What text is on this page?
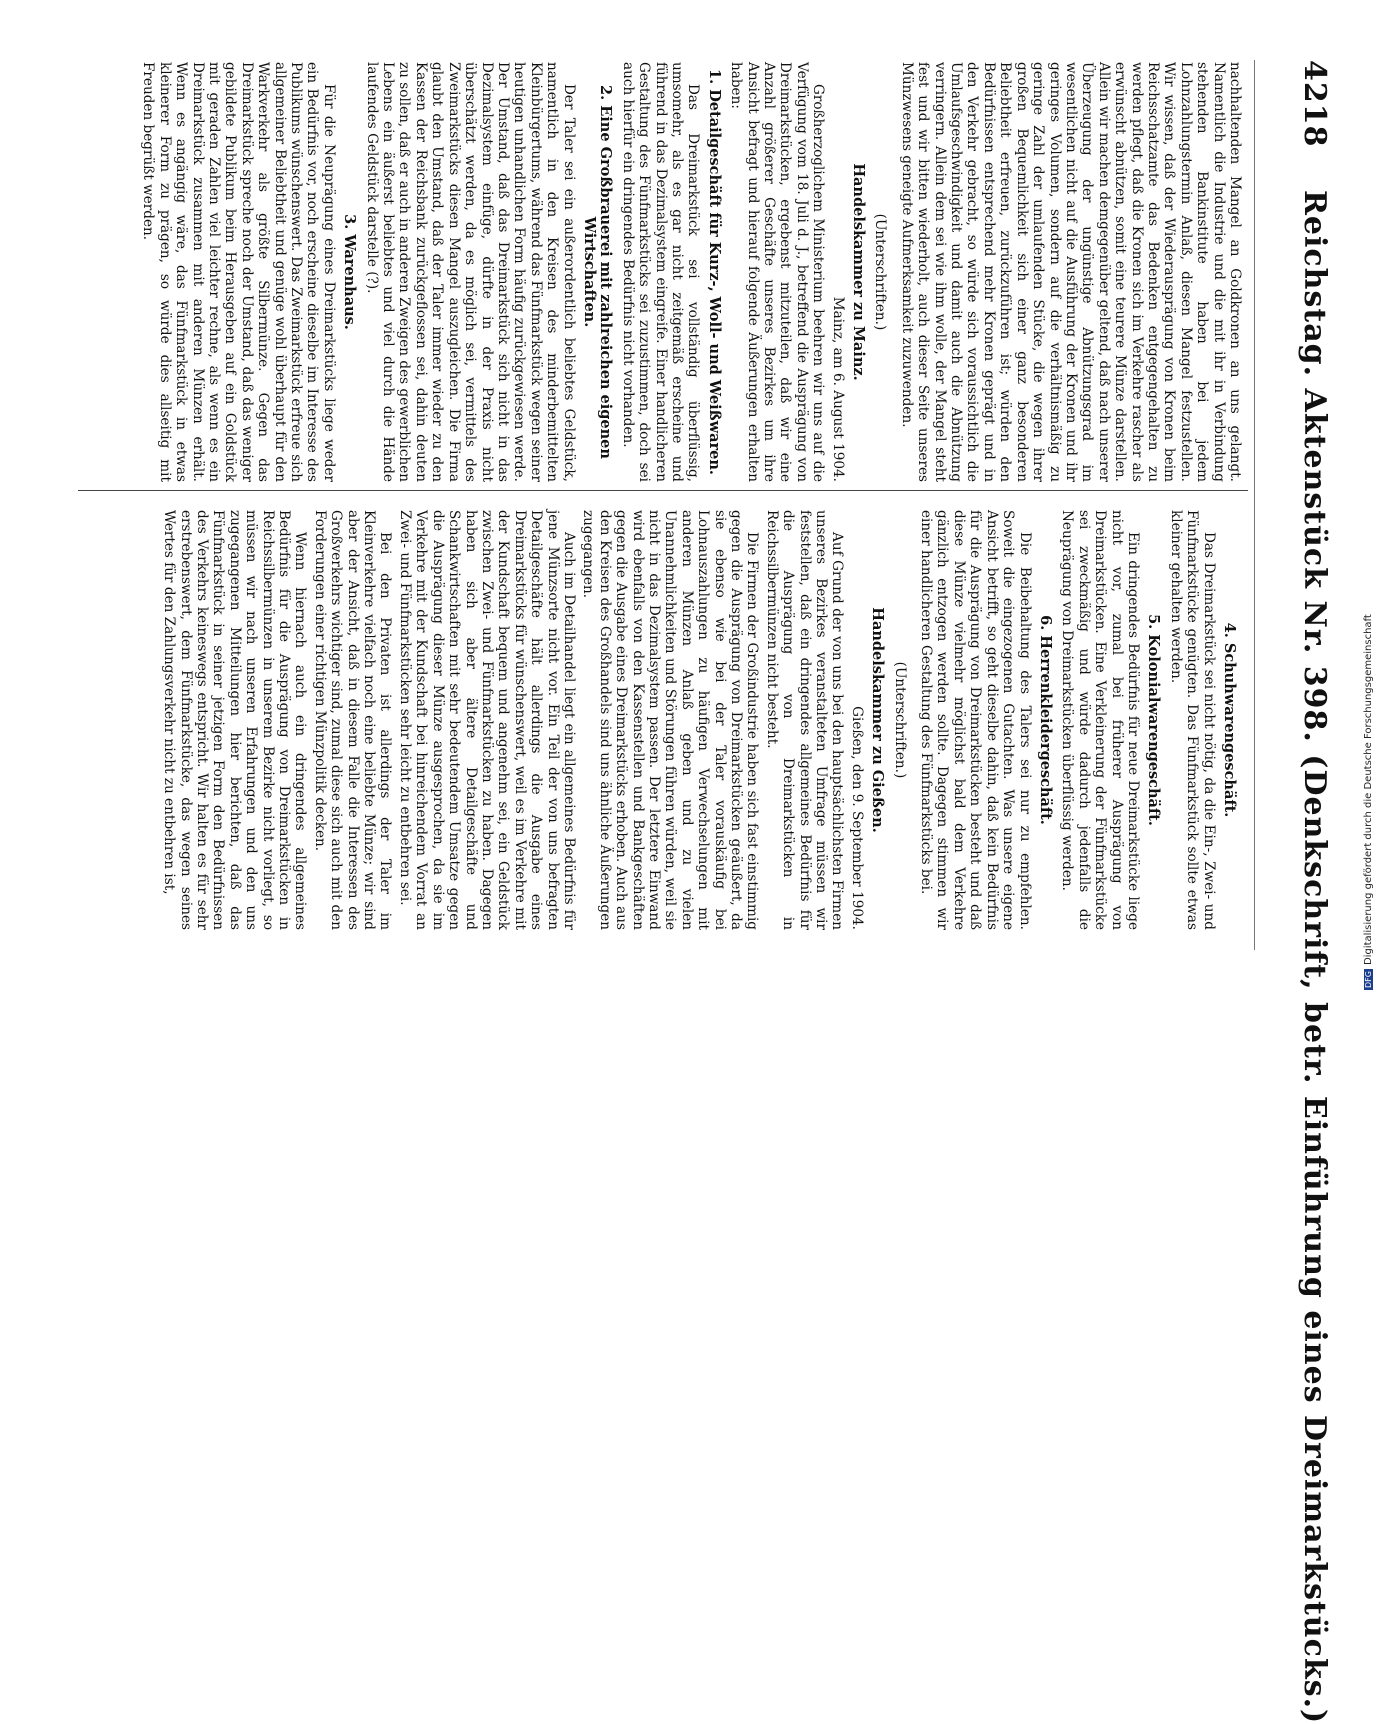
4218
Reichstag. Aktenstück Nr. 398. (Denkschrift, betr. Einführung eines Dreimarkstücks.)

nachhaltenden Mangel an Goldkronen an uns gelangt. Namentlich die Industrie und die mit ihr in Verbindung stehenden Bankinstitute haben bei jedem Lohnzahlungstermin Anlaß, diesen Mangel festzustellen. Wir wissen, daß der Wiederausprägung von Kronen beim Reichsschatzamte das Bedenken entgegengehalten zu werden pflegt, daß die Kronen sich im Verkehre rascher als erwünscht abnützen, somit eine teurere Münze darstellen. Allein wir machen demgegenüber geltend, daß nach unserer Überzeugung der ungünstige Abnützungsgrad im wesentlichen nicht auf die Ausführung der Kronen und ihr geringes Volumen, sondern auf die verhältnismäßig zu geringe Zahl der umlaufenden Stücke, die wegen ihrer großen Bequemlichkeit sich einer ganz besonderen Beliebtheit erfreuen, zurückzuführen ist; würden den Bedürfnissen entsprechend mehr Kronen geprägt und in den Verkehr gebracht, so würde sich voraussichtlich die Umlaufsgeschwindigkeit und damit auch die Abnützung verringern. Allein dem sei wie ihm wolle, der Mangel steht fest und wir bitten wiederholt, auch dieser Seite unseres Münzwesens geneigte Aufmerksamkeit zuzuwenden.

(Unterschriften.)

Handelskammer zu Mainz.

Mainz, am 6. August 1904.

Großherzoglichem Ministerium beehren wir uns auf die Verfügung vom 18. Juli d. J., betreffend die Ausprägung von Dreimarkstücken, ergebenst mitzuteilen, daß wir eine Anzahl größerer Geschäfte unseres Bezirkes um ihre Ansicht befragt und hierauf folgende Äußerungen erhalten haben:

1. Detailgeschäft für Kurz-, Woll- und Weißwaren.

Das Dreimarkstück sei vollständig überflüssig, umsomehr, als es gar nicht zeitgemäß erscheine und führend in das Dezimalsystem eingreife. Einer handlicheren Gestaltung des Fünfmarkstücks sei zuzustimmen, doch sei auch hierfür ein dringendes Bedürfnis nicht vorhanden.

2. Eine Großbrauerei mit zahlreichen eigenen Wirtschaften.

Der Taler sei ein außerordentlich beliebtes Geldstück, namentlich in den Kreisen des minderbemittelten Kleinbürgertums, während das Fünfmarkstück wegen seiner heutigen unhandlichen Form häufig zurückgewiesen werde. Der Umstand, daß das Dreimarkstück sich nicht in das Dezimalsystem einfüge, dürfte in der Praxis nicht überschätzt werden, da es möglich sei, vermittels des Zweimarkstücks diesen Mangel auszugleichen. Die Firma glaubt den Umstand, daß der Taler immer wieder zu den Kassen der Reichsbank zurückgeflossen sei, dahin deuten zu sollen, daß er auch in anderen Zweigen des gewerblichen Lebens ein äußerst beliebtes und viel durch die Hände laufendes Geldstück darstelle (?).

3. Warenhaus.

Für die Neuprägung eines Dreimarkstücks liege weder ein Bedürfnis vor, noch erscheine dieselbe im Interesse des Publikums wünschenswert. Das Zweimarkstück erfreue sich allgemeiner Beliebtheit und genüge wohl überhaupt für den Warkverkehr als größte Silbermünze. Gegen das Dreimarkstück spreche noch der Umstand, daß das weniger gebildete Publikum beim Herausgeben auf ein Goldstück mit geraden Zahlen viel leichter rechne, als wenn es ein Dreimarkstück zusammen mit anderen Münzen erhält. Wenn es angängig wäre, das Fünfmarkstück in etwas kleinerer Form zu prägen, so würde dies allseitig mit Freuden begrüßt werden.

4. Schuhwarengeschäft.

Das Dreimarkstück sei nicht nötig, da die Ein-, Zwei- und Fünfmarkstücke genügten. Das Fünfmarkstück sollte etwas kleiner gehalten werden.

5. Kolonialwarengeschäft.

Ein dringendes Bedürfnis für neue Dreimarkstücke liege nicht vor, zumal bei früherer Ausprägung von Dreimarkstücken. Eine Verkleinerung der Fünfmarkstücke sei zweckmäßig und würde dadurch jedenfalls die Neuprägung von Dreimarkstücken überflüssig werden.

6. Herrenkleidergeschäft.

Die Beibehaltung des Talers sei nur zu empfehlen. Soweit die eingezogenen Gutachten. Was unsere eigene Ansicht betrifft, so geht dieselbe dahin, daß kein Bedürfnis für die Ausprägung von Dreimarkstücken besteht und daß diese Münze vielmehr möglichst bald dem Verkehre gänzlich entzogen werden sollte. Dagegen stimmen wir einer handlicheren Gestaltung des Fünfmarkstücks bei.

(Unterschriften.)

Handelskammer zu Gießen.

Gießen, den 9. September 1904.

Auf Grund der von uns bei den hauptsächlichsten Firmen unseres Bezirkes veranstalteten Umfrage müssen wir feststellen, daß ein dringendes allgemeines Bedürfnis für die Ausprägung von Dreimarkstücken in Reichssilbermünzen nicht besteht.

Die Firmen der Großindustrie haben sich fast einstimmig gegen die Ausprägung von Dreimarkstücken geäußert, da sie ebenso wie bei der Taler vorauskäufig bei Lohnauszahlungen zu häufigen Verwechselungen mit anderen Münzen Anlaß geben und zu vielen Unannehmlichkeiten und Störungen führen würden, weil sie nicht in das Dezimalsystem passen. Der letztere Einwand wird ebenfalls von den Kassenstellen und Bankgeschäften gegen die Ausgabe eines Dreimarkstücks erhoben. Auch aus den Kreisen des Großhandels sind uns ähnliche Äußerungen zugegangen.

Auch im Detailhandel liegt ein allgemeines Bedürfnis für jene Münzsorte nicht vor. Ein Teil der von uns befragten Detailgeschäfte hält allerdings die Ausgabe eines Dreimarkstücks für wünschenswert, weil es im Verkehre mit der Kundschaft bequem und angenehm sei, ein Geldstück zwischen Zwei- und Fünfmarkstücken zu haben. Dagegen haben sich aber ältere Detailgeschäfte und Schankwirtschaften mit sehr bedeutendem Umsatze gegen die Ausprägung dieser Münze ausgesprochen, da sie im Verkehre mit der Kundschaft bei hinreichendem Vorrat an Zwei- und Fünfmarkstücken sehr leicht zu entbehren sei.

Bei den Privaten ist allerdings der Taler im Kleinverkehre vielfach noch eine beliebte Münze; wir sind aber der Ansicht, daß in diesem Falle die Interessen des Großverkehrs wichtiger sind, zumal diese sich auch mit den Forderungen einer richtigen Münzpolitik decken.

Wenn hiernach auch ein dringendes allgemeines Bedürfnis für die Ausprägung von Dreimarkstücken in Reichssilbermünzen in unserem Bezirke nicht vorliegt, so müssen wir nach unseren Erfahrungen und den uns zugegangenen Mitteilungen hier berichten, daß das Fünfmarkstück in seiner jetzigen Form den Bedürfnissen des Verkehrs keineswegs entspricht. Wir halten es für sehr erstrebenswert, dem Fünfmarkstücke, das wegen seines Wertes für den Zahlungsverkehr nicht zu entbehren ist,

DFGDigitalisierung gefördert durch die Deutsche Forschungsgemeinschaft
